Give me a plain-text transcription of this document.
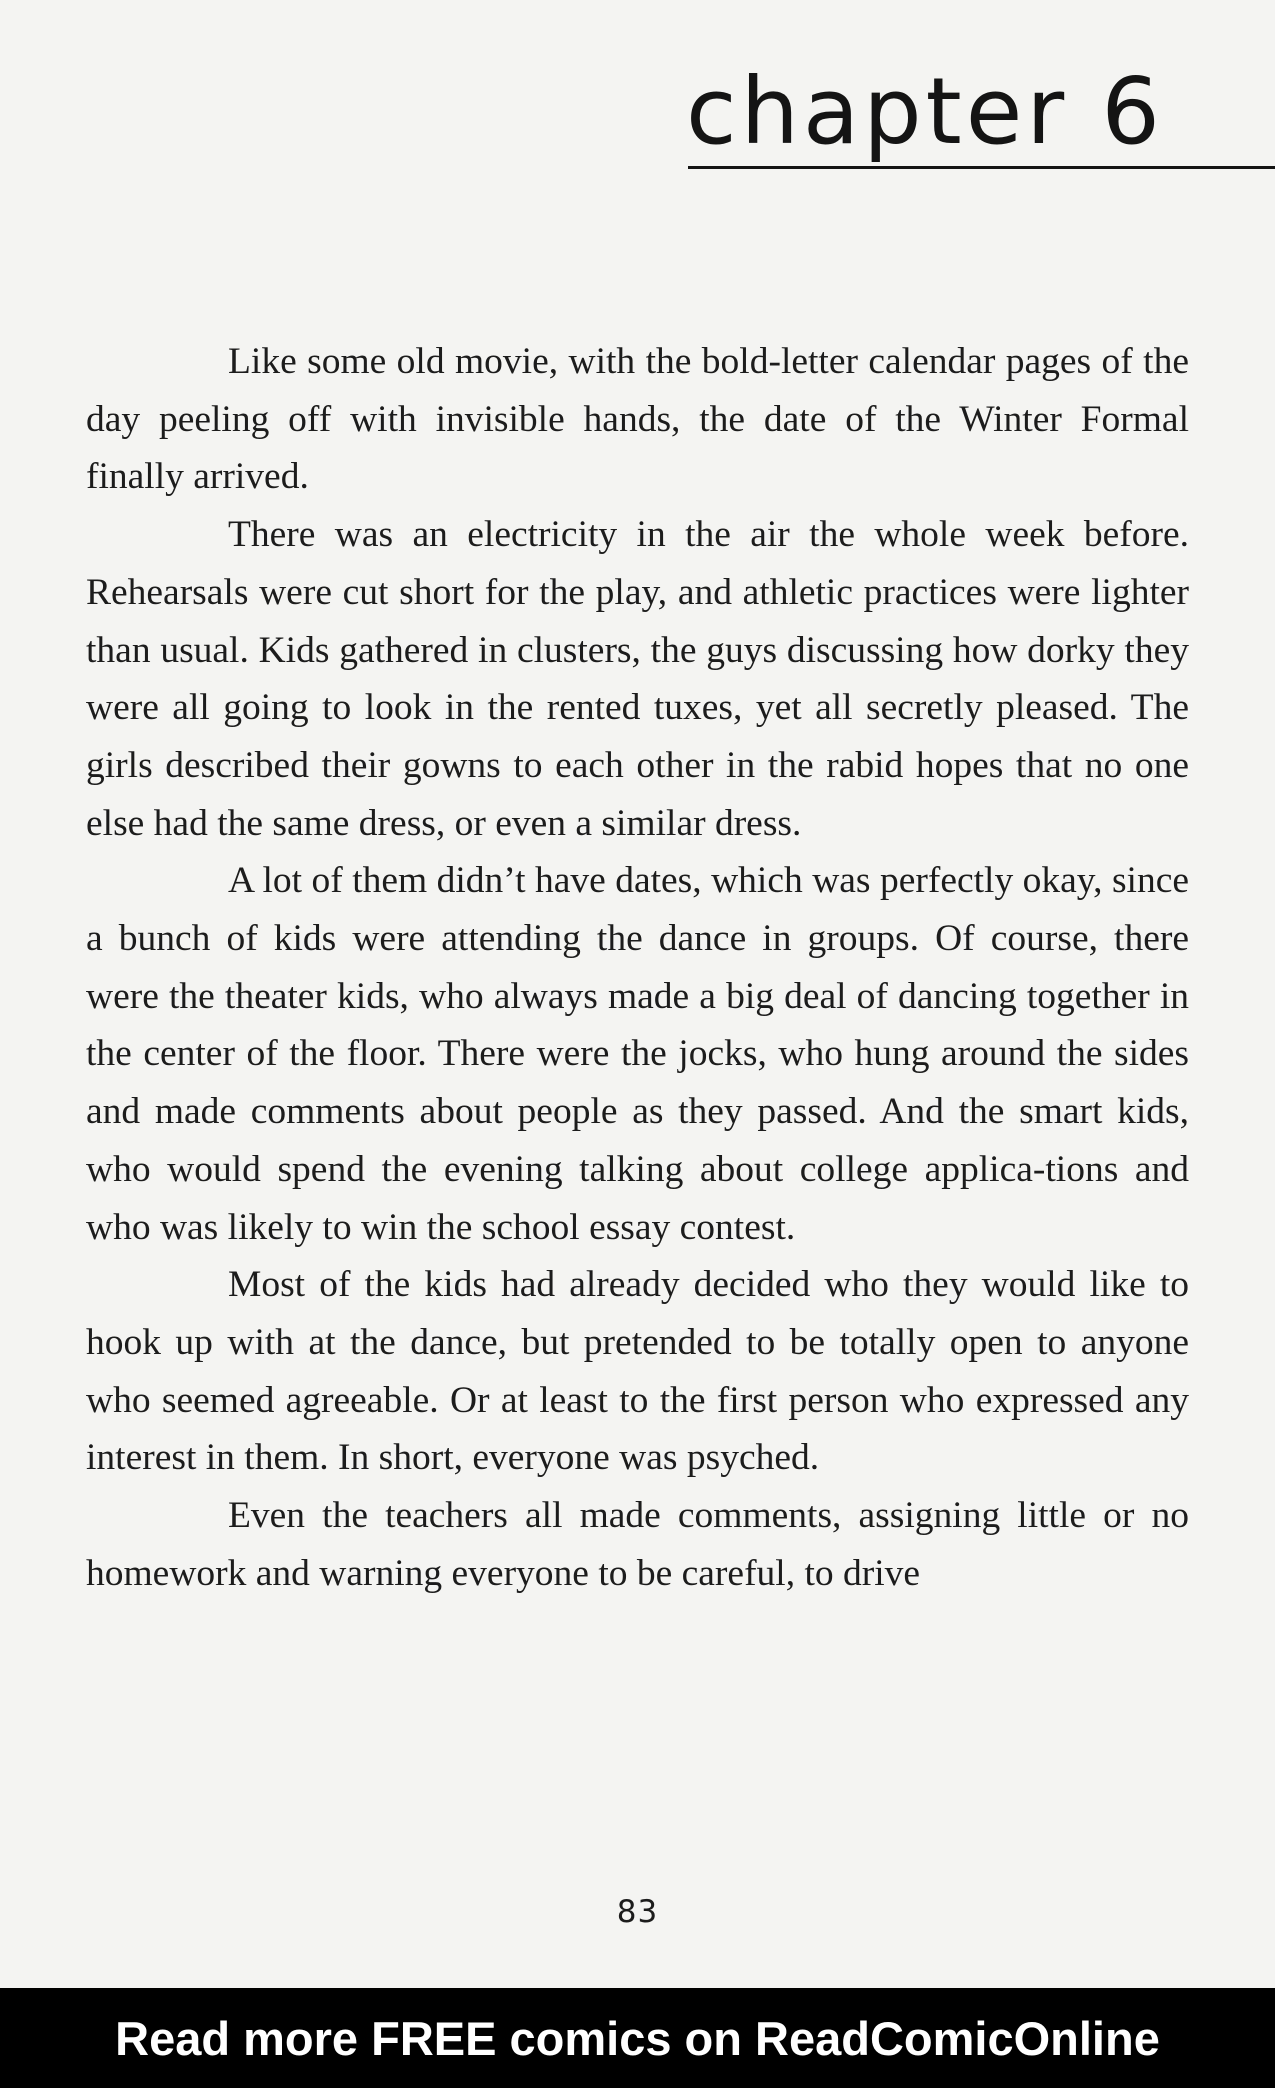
chapter 6

Like some old movie, with the bold-letter calendar pages of the day peeling off with invisible hands, the date of the Winter Formal finally arrived.

There was an electricity in the air the whole week before. Rehearsals were cut short for the play, and athletic practices were lighter than usual. Kids gathered in clusters, the guys discussing how dorky they were all going to look in the rented tuxes, yet all secretly pleased. The girls described their gowns to each other in the rabid hopes that no one else had the same dress, or even a similar dress.

A lot of them didn’t have dates, which was perfectly okay, since a bunch of kids were attending the dance in groups. Of course, there were the theater kids, who always made a big deal of dancing together in the center of the floor. There were the jocks, who hung around the sides and made comments about people as they passed. And the smart kids, who would spend the evening talking about college applica-tions and who was likely to win the school essay contest.

Most of the kids had already decided who they would like to hook up with at the dance, but pretended to be totally open to anyone who seemed agreeable. Or at least to the first person who expressed any interest in them. In short, everyone was psyched.

Even the teachers all made comments, assigning little or no homework and warning everyone to be careful, to drive

83
Read more FREE comics on ReadComicOnline
